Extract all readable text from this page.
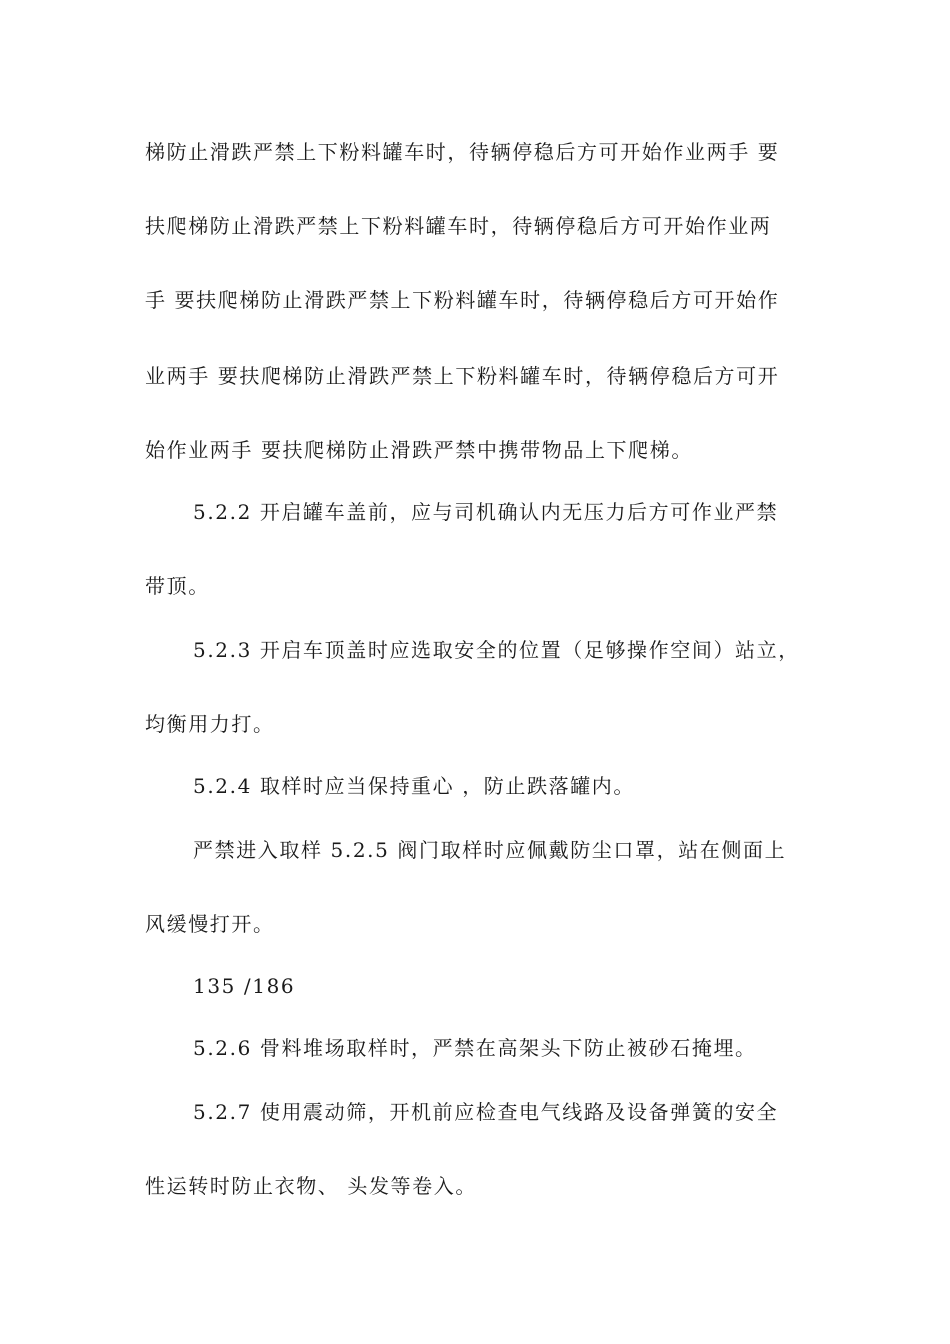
梯防止滑跌严禁上下粉料罐车时，待辆停稳后方可开始作业两手 要
扶爬梯防止滑跌严禁上下粉料罐车时，待辆停稳后方可开始作业两
手 要扶爬梯防止滑跌严禁上下粉料罐车时，待辆停稳后方可开始作
业两手 要扶爬梯防止滑跌严禁上下粉料罐车时，待辆停稳后方可开
始作业两手 要扶爬梯防止滑跌严禁中携带物品上下爬梯。
5.2.2 开启罐车盖前，应与司机确认内无压力后方可作业严禁
带顶。
5.2.3 开启车顶盖时应选取安全的位置（足够操作空间）站立，
均衡用力打。
5.2.4 取样时应当保持重心 ，防止跌落罐内。
严禁进入取样 5.2.5 阀门取样时应佩戴防尘口罩，站在侧面上
风缓慢打开。
135 /186
5.2.6 骨料堆场取样时，严禁在高架头下防止被砂石掩埋。
5.2.7 使用震动筛，开机前应检查电气线路及设备弹簧的安全
性运转时防止衣物、 头发等卷入。
